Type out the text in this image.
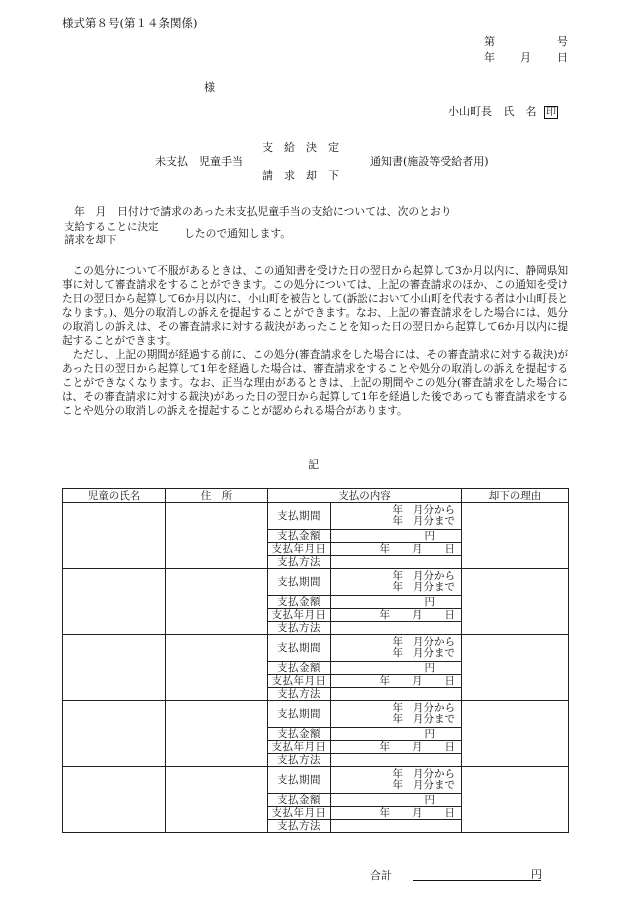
様式第８号(第１４条関係)
第	号
年 月 日
様
小山町長 氏　名 印
支　給　決　定
未支払　児童手当	通知書(施設等受給者用)
請　求　却　下
年　月　日付けで請求のあった未支払児童手当の支給については、次のとおり
支給することに決定
請求を却下	したので通知します。

この処分について不服があるときは、この通知書を受けた日の翌日から起算して3か月以内に、静岡県知事に対して審査請求をすることができます。この処分については、上記の審査請求のほか、この通知を受けた日の翌日から起算して6か月以内に、小山町を被告として(訴訟において小山町を代表する者は小山町長となります。)、処分の取消しの訴えを提起することができます。なお、上記の審査請求をした場合には、処分の取消しの訴えは、その審査請求に対する裁決があったことを知った日の翌日から起算して6か月以内に提起することができます。

ただし、上記の期間が経過する前に、この処分(審査請求をした場合には、その審査請求に対する裁決)があった日の翌日から起算して1年を経過した場合は、審査請求をすることや処分の取消しの訴えを提起することができなくなります。なお、正当な理由があるときは、上記の期間やこの処分(審査請求をした場合には、その審査請求に対する裁決)があった日の翌日から起算して1年を経過した後であっても審査請求をすることや処分の取消しの訴えを提起することが認められる場合があります。

記
児童の氏名	住　所	支払の内容		却下の理由
		支払期間	年 月分から
年 月分まで	

		支払金額	円	

		支払年月日	年 月 日	

		支払方法		
		支払期間	年 月分から
年 月分まで	

		支払金額	円	

		支払年月日	年 月 日	

		支払方法		
		支払期間	年 月分から
年 月分まで	

		支払金額	円	

		支払年月日	年 月 日	

		支払方法		
		支払期間	年 月分から
年 月分まで	

		支払金額	円	

		支払年月日	年 月 日	

		支払方法		
		支払期間	年 月分から
年 月分まで	

		支払金額	円	

		支払年月日	年 月 日	

		支払方法		
合計	円
